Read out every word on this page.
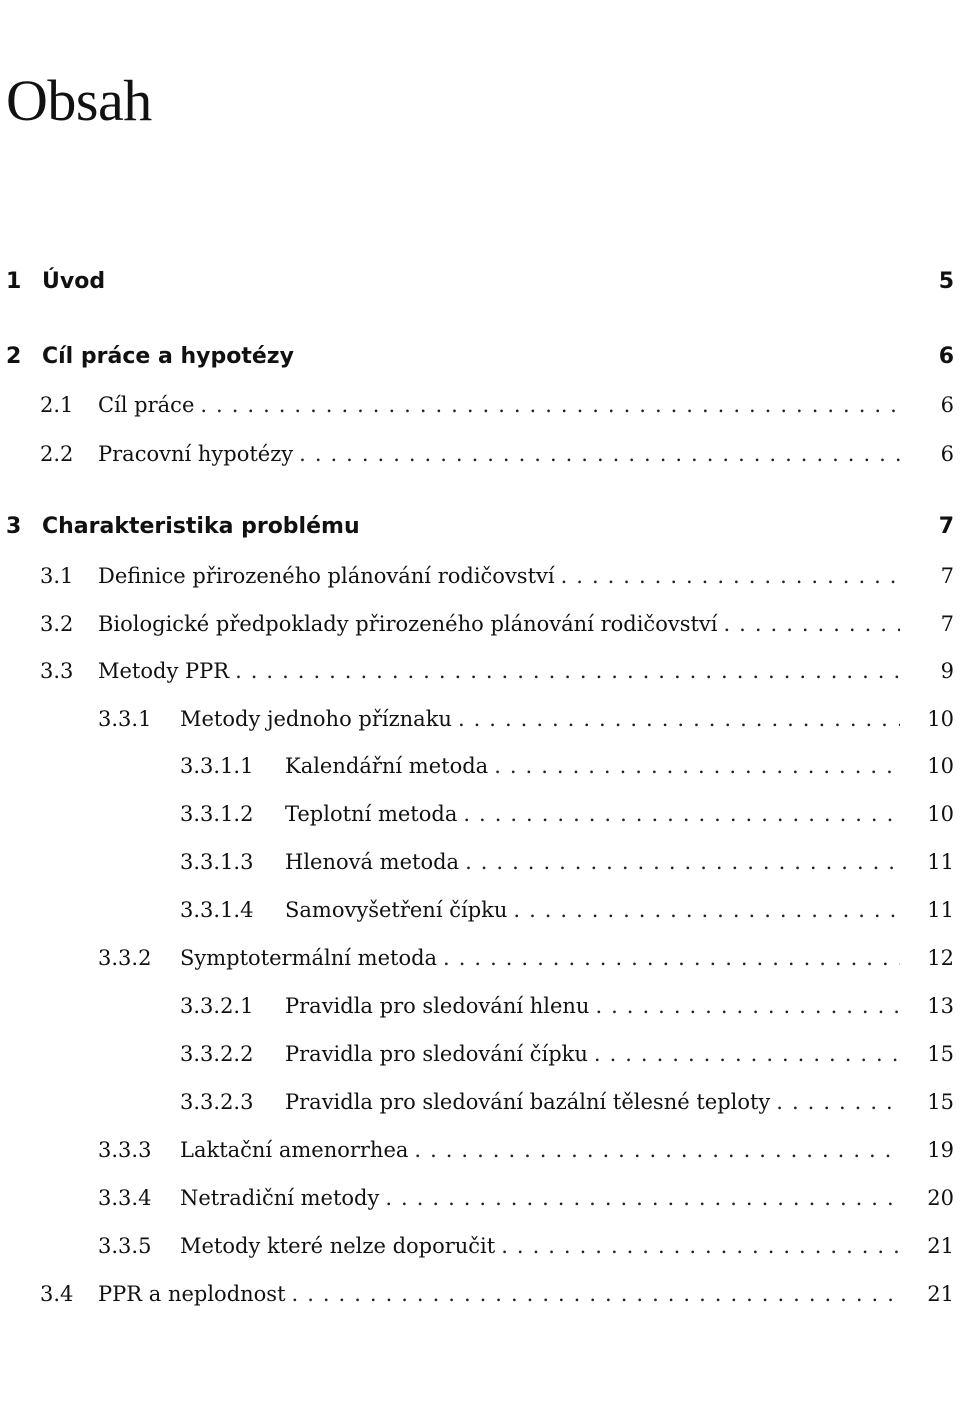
Obsah
1 Úvod	5
2 Cíl práce a hypotézy	6
2.1	Cíl práce .....	6
2.2	Pracovní hypotézy .....	6
3 Charakteristika problému	7
3.1	Definice přirozeného plánování rodičovství .....	7
3.2	Biologické předpoklady přirozeného plánování rodičovství .....	7
3.3	Metody PPR .....	9
3.3.1	Metody jednoho příznaku .....	10
3.3.1.1	Kalendářní metoda .....	10
3.3.1.2	Teplotní metoda .....	10
3.3.1.3	Hlenová metoda .....	11
3.3.1.4	Samovyšetření čípku .....	11
3.3.2	Symptotermální metoda .....	12
3.3.2.1	Pravidla pro sledování hlenu .....	13
3.3.2.2	Pravidla pro sledování čípku .....	15
3.3.2.3	Pravidla pro sledování bazální tělesné teploty .....	15
3.3.3	Laktační amenorrhea .....	19
3.3.4	Netradiční metody .....	20
3.3.5	Metody které nelze doporučit .....	21
3.4	PPR a neplodnost .....	21
